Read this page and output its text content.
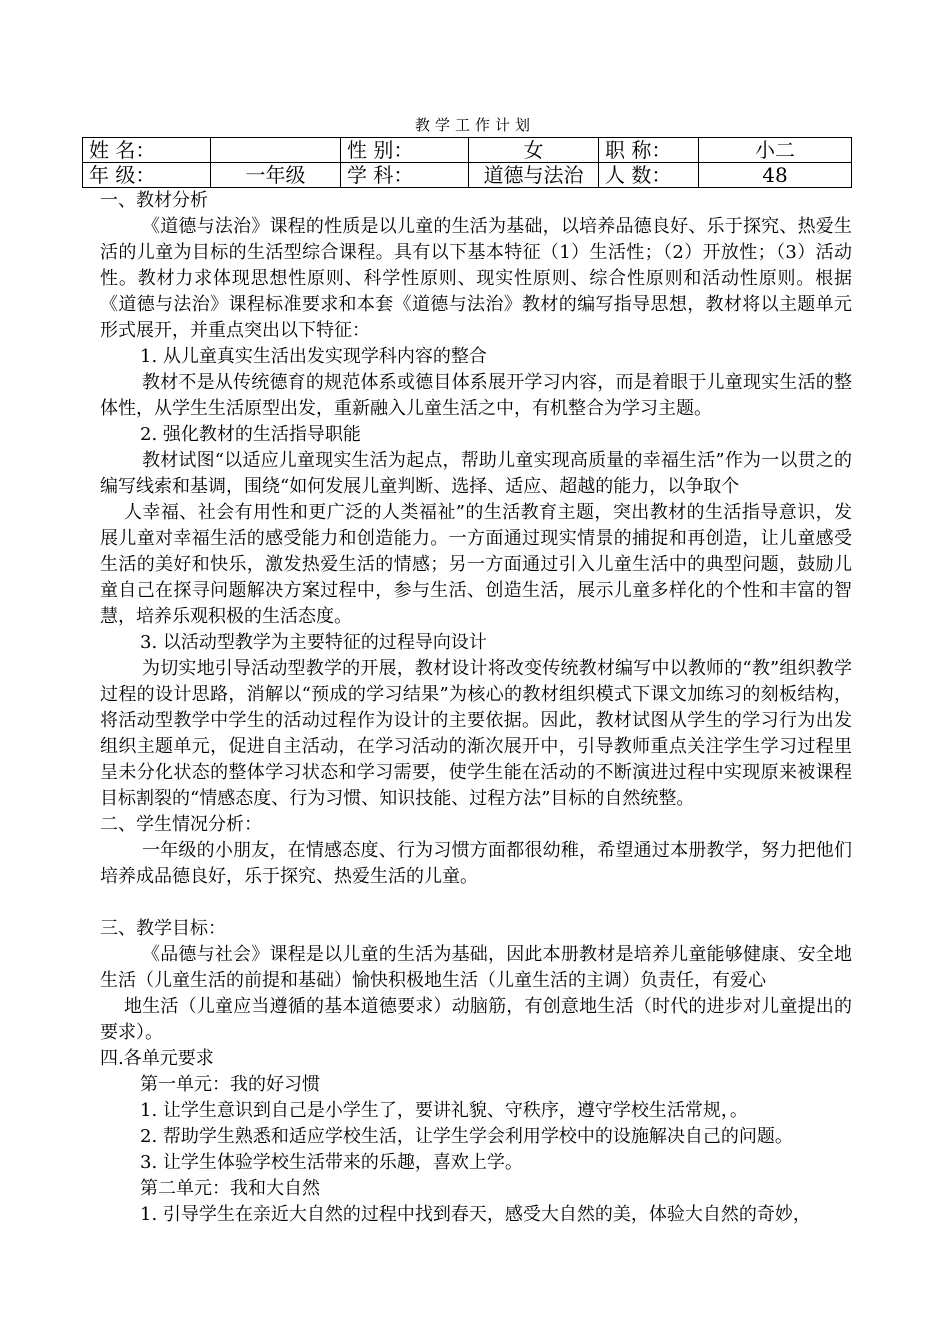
教学工作计划
姓 名：		性 别：	女	职 称：	小二
年 级：	一年级	学 科：	道德与法治	人 数：	48

一、教材分析

《道德与法治》课程的性质是以儿童的生活为基础，以培养品德良好、乐于探究、热爱生活的儿童为目标的生活型综合课程。具有以下基本特征（1）生活性；（2）开放性；（3）活动性。教材力求体现思想性原则、科学性原则、现实性原则、综合性原则和活动性原则。根据《道德与法治》课程标准要求和本套《道德与法治》教材的编写指导思想，教材将以主题单元形式展开，并重点突出以下特征：

1. 从儿童真实生活出发实现学科内容的整合

教材不是从传统德育的规范体系或德目体系展开学习内容，而是着眼于儿童现实生活的整体性，从学生生活原型出发，重新融入儿童生活之中，有机整合为学习主题。

2. 强化教材的生活指导职能

教材试图“以适应儿童现实生活为起点，帮助儿童实现高质量的幸福生活”作为一以贯之的编写线索和基调，围绕“如何发展儿童判断、选择、适应、超越的能力，以争取个

人幸福、社会有用性和更广泛的人类福祉”的生活教育主题，突出教材的生活指导意识，发展儿童对幸福生活的感受能力和创造能力。一方面通过现实情景的捕捉和再创造，让儿童感受生活的美好和快乐，激发热爱生活的情感；另一方面通过引入儿童生活中的典型问题，鼓励儿童自己在探寻问题解决方案过程中，参与生活、创造生活，展示儿童多样化的个性和丰富的智慧，培养乐观积极的生活态度。

3. 以活动型教学为主要特征的过程导向设计

为切实地引导活动型教学的开展，教材设计将改变传统教材编写中以教师的“教”组织教学过程的设计思路，消解以“预成的学习结果”为核心的教材组织模式下课文加练习的刻板结构，将活动型教学中学生的活动过程作为设计的主要依据。因此，教材试图从学生的学习行为出发组织主题单元，促进自主活动，在学习活动的渐次展开中，引导教师重点关注学生学习过程里呈未分化状态的整体学习状态和学习需要，使学生能在活动的不断演进过程中实现原来被课程目标割裂的“情感态度、行为习惯、知识技能、过程方法”目标的自然统整。

二、学生情况分析：

一年级的小朋友，在情感态度、行为习惯方面都很幼稚，希望通过本册教学，努力把他们培养成品德良好，乐于探究、热爱生活的儿童。

三、教学目标：

《品德与社会》课程是以儿童的生活为基础，因此本册教材是培养儿童能够健康、安全地生活（儿童生活的前提和基础）愉快积极地生活（儿童生活的主调）负责任，有爱心

地生活（儿童应当遵循的基本道德要求）动脑筋，有创意地生活（时代的进步对儿童提出的要求）。

四.各单元要求

第一单元：我的好习惯

1. 让学生意识到自己是小学生了，要讲礼貌、守秩序，遵守学校生活常规，。

2. 帮助学生熟悉和适应学校生活，让学生学会利用学校中的设施解决自己的问题。

3. 让学生体验学校生活带来的乐趣，喜欢上学。

第二单元：我和大自然

1. 引导学生在亲近大自然的过程中找到春天，感受大自然的美，体验大自然的奇妙，
